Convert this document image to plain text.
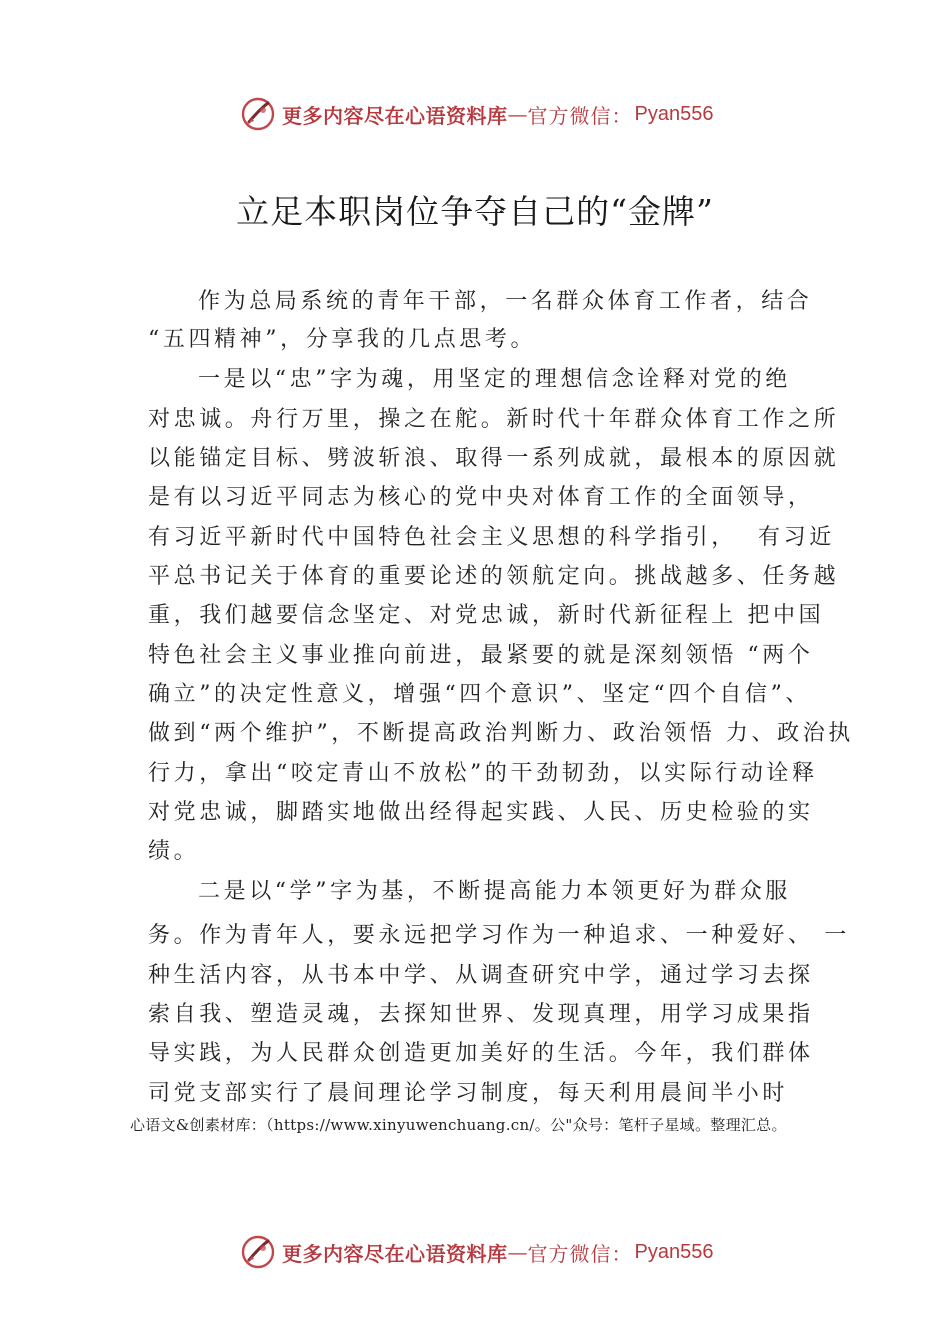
更多内容尽在心语资料库 — 官方微信： Pyan556
立足本职岗位争夺自己的“金牌”
作为总局系统的青年干部，一名群众体育工作者，结合
“五四精神”，分享我的几点思考。
一是以“忠”字为魂，用坚定的理想信念诠释对党的绝
对忠诚。舟行万里，操之在舵。新时代十年群众体育工作之所
以能锚定目标、劈波斩浪、取得一系列成就，最根本的原因就
是有以习近平同志为核心的党中央对体育工作的全面领导，
有习近平新时代中国特色社会主义思想的科学指引，  有习近
平总书记关于体育的重要论述的领航定向。挑战越多、任务越
重，我们越要信念坚定、对党忠诚，新时代新征程上 把中国
特色社会主义事业推向前进，最紧要的就是深刻领悟 “两个
确立”的决定性意义，增强“四个意识”、坚定“四个自信”、
做到“两个维护”，不断提高政治判断力、政治领悟 力、政治执
行力，拿出“咬定青山不放松”的干劲韧劲，以实际行动诠释
对党忠诚，脚踏实地做出经得起实践、人民、历史检验的实
绩。
二是以“学”字为基，不断提高能力本领更好为群众服
务。作为青年人，要永远把学习作为一种追求、一种爱好、 一
种生活内容，从书本中学、从调查研究中学，通过学习去探
索自我、塑造灵魂，去探知世界、发现真理，用学习成果指
导实践，为人民群众创造更加美好的生活。今年，我们群体
司党支部实行了晨间理论学习制度，每天利用晨间半小时
心语文&创素材库：（https://www.xinyuwenchuang.cn/。公"众号：笔杆子星域。整理汇总。
更多内容尽在心语资料库 — 官方微信： Pyan556
